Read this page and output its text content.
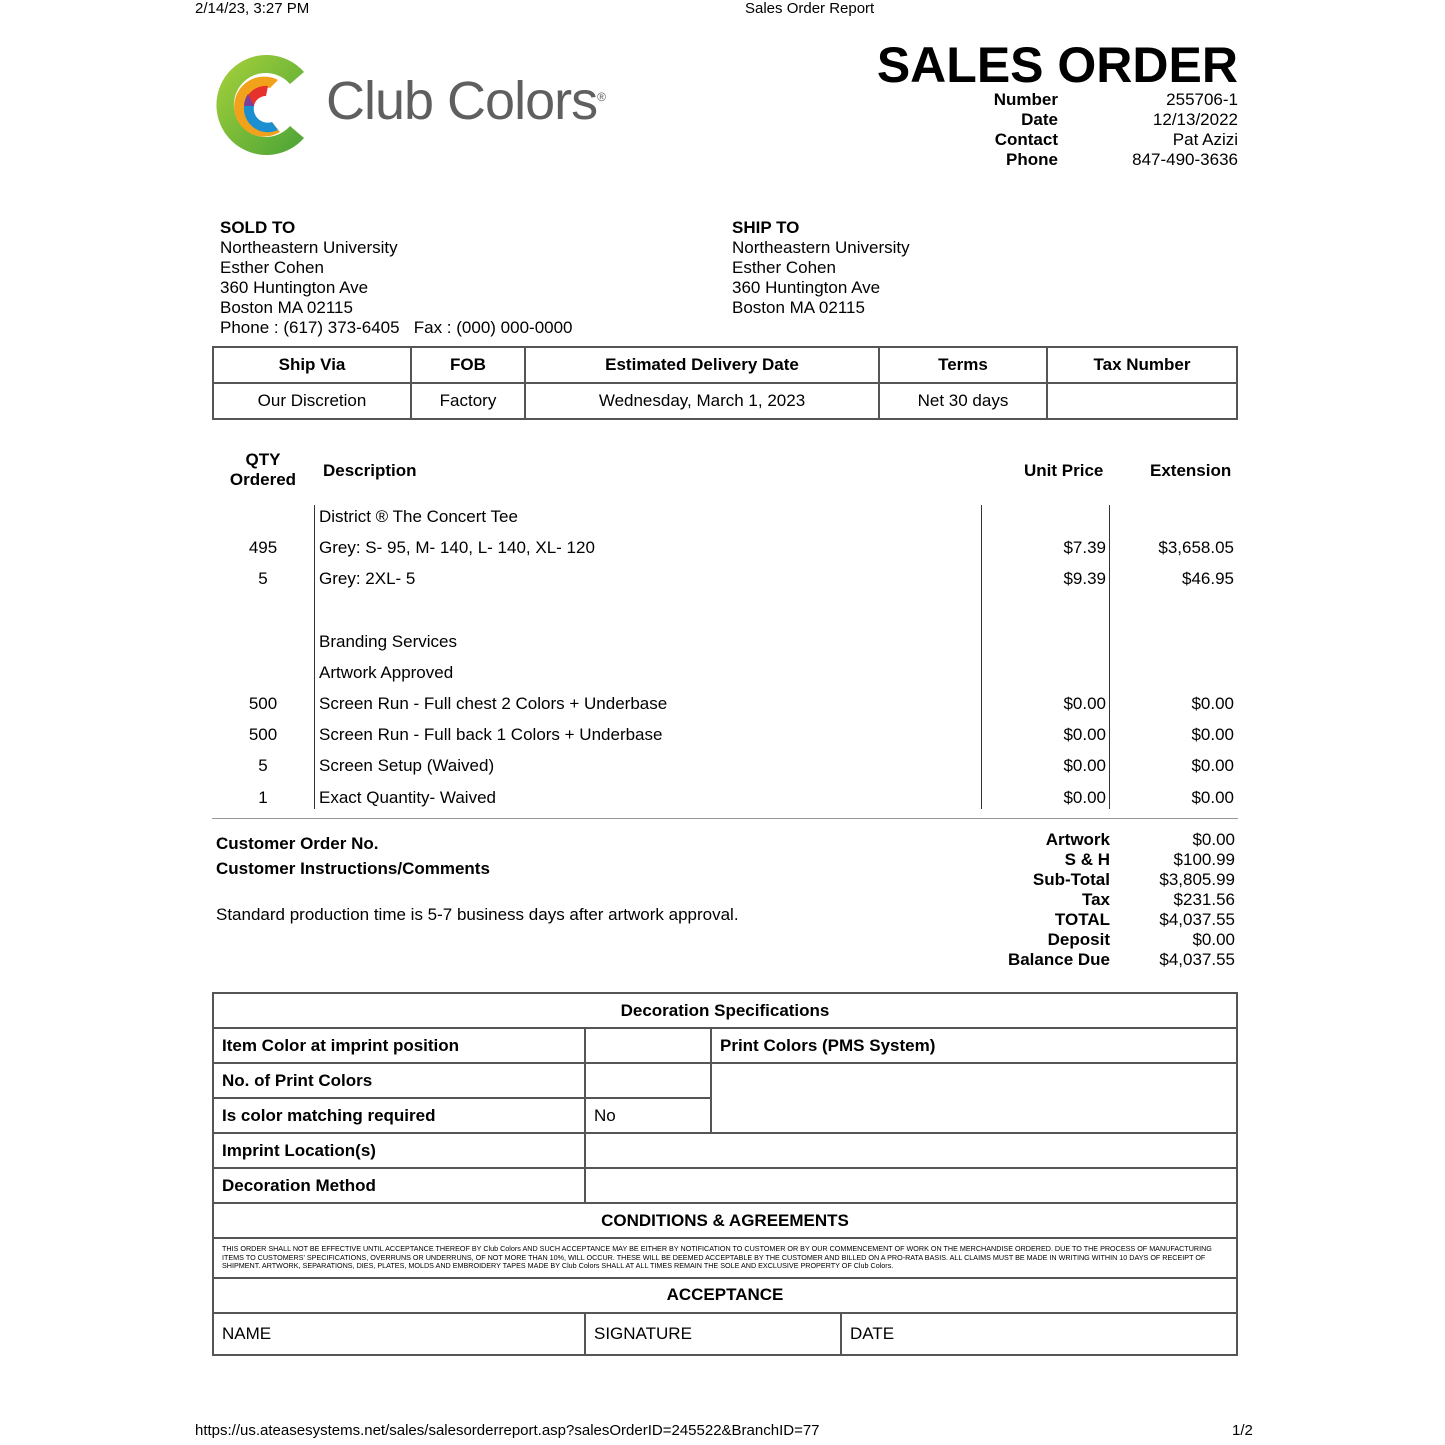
2/14/23, 3:27 PM	Sales Order Report
Club Colors®
SALES ORDER
Number	255706-1
Date	12/13/2022
Contact	Pat Azizi
Phone	847-490-3636
SOLD TO
Northeastern University
Esther Cohen
360 Huntington Ave
Boston MA 02115
Phone : (617) 373-6405   Fax : (000) 000-0000
SHIP TO
Northeastern University
Esther Cohen
360 Huntington Ave
Boston MA 02115
Ship Via	FOB	Estimated Delivery Date	Terms	Tax Number
Our Discretion	Factory	Wednesday, March 1, 2023	Net 30 days	
QTY
Ordered	Description	Unit Price	Extension
District ® The Concert Tee
495	Grey: S- 95, M- 140, L- 140, XL- 120	$7.39	$3,658.05
5	Grey: 2XL- 5	$9.39	$46.95
Branding Services
Artwork Approved
500	Screen Run - Full chest 2 Colors + Underbase	$0.00	$0.00
500	Screen Run - Full back 1 Colors + Underbase	$0.00	$0.00
5	Screen Setup (Waived)	$0.00	$0.00
1	Exact Quantity- Waived	$0.00	$0.00
Customer Order No.
Customer Instructions/Comments
Standard production time is 5-7 business days after artwork approval.
Artwork	$0.00
S & H	$100.99
Sub-Total	$3,805.99
Tax	$231.56
TOTAL	$4,037.55
Deposit	$0.00
Balance Due	$4,037.55
Decoration Specifications			
Item Color at imprint position		Print Colors (PMS System)	
No. of Print Colors			
Is color matching required	No		
Imprint Location(s)			
Decoration Method			
CONDITIONS & AGREEMENTS			
THIS ORDER SHALL NOT BE EFFECTIVE UNTIL ACCEPTANCE THEREOF BY Club Colors AND SUCH ACCEPTANCE MAY BE EITHER BY NOTIFICATION TO CUSTOMER OR BY OUR COMMENCEMENT OF WORK ON THE MERCHANDISE ORDERED. DUE TO THE PROCESS OF MANUFACTURING ITEMS TO CUSTOMERS' SPECIFICATIONS, OVERRUNS OR UNDERRUNS, OF NOT MORE THAN 10%, WILL OCCUR. THESE WILL BE DEEMED ACCEPTABLE BY THE CUSTOMER AND BILLED ON A PRO-RATA BASIS. ALL CLAIMS MUST BE MADE IN WRITING WITHIN 10 DAYS OF RECEIPT OF SHIPMENT. ARTWORK, SEPARATIONS, DIES, PLATES, MOLDS AND EMBROIDERY TAPES MADE BY Club Colors SHALL AT ALL TIMES REMAIN THE SOLE AND EXCLUSIVE PROPERTY OF Club Colors.			
ACCEPTANCE			
NAME	SIGNATURE		DATE
https://us.ateasesystems.net/sales/salesorderreport.asp?salesOrderID=245522&BranchID=77	1/2
